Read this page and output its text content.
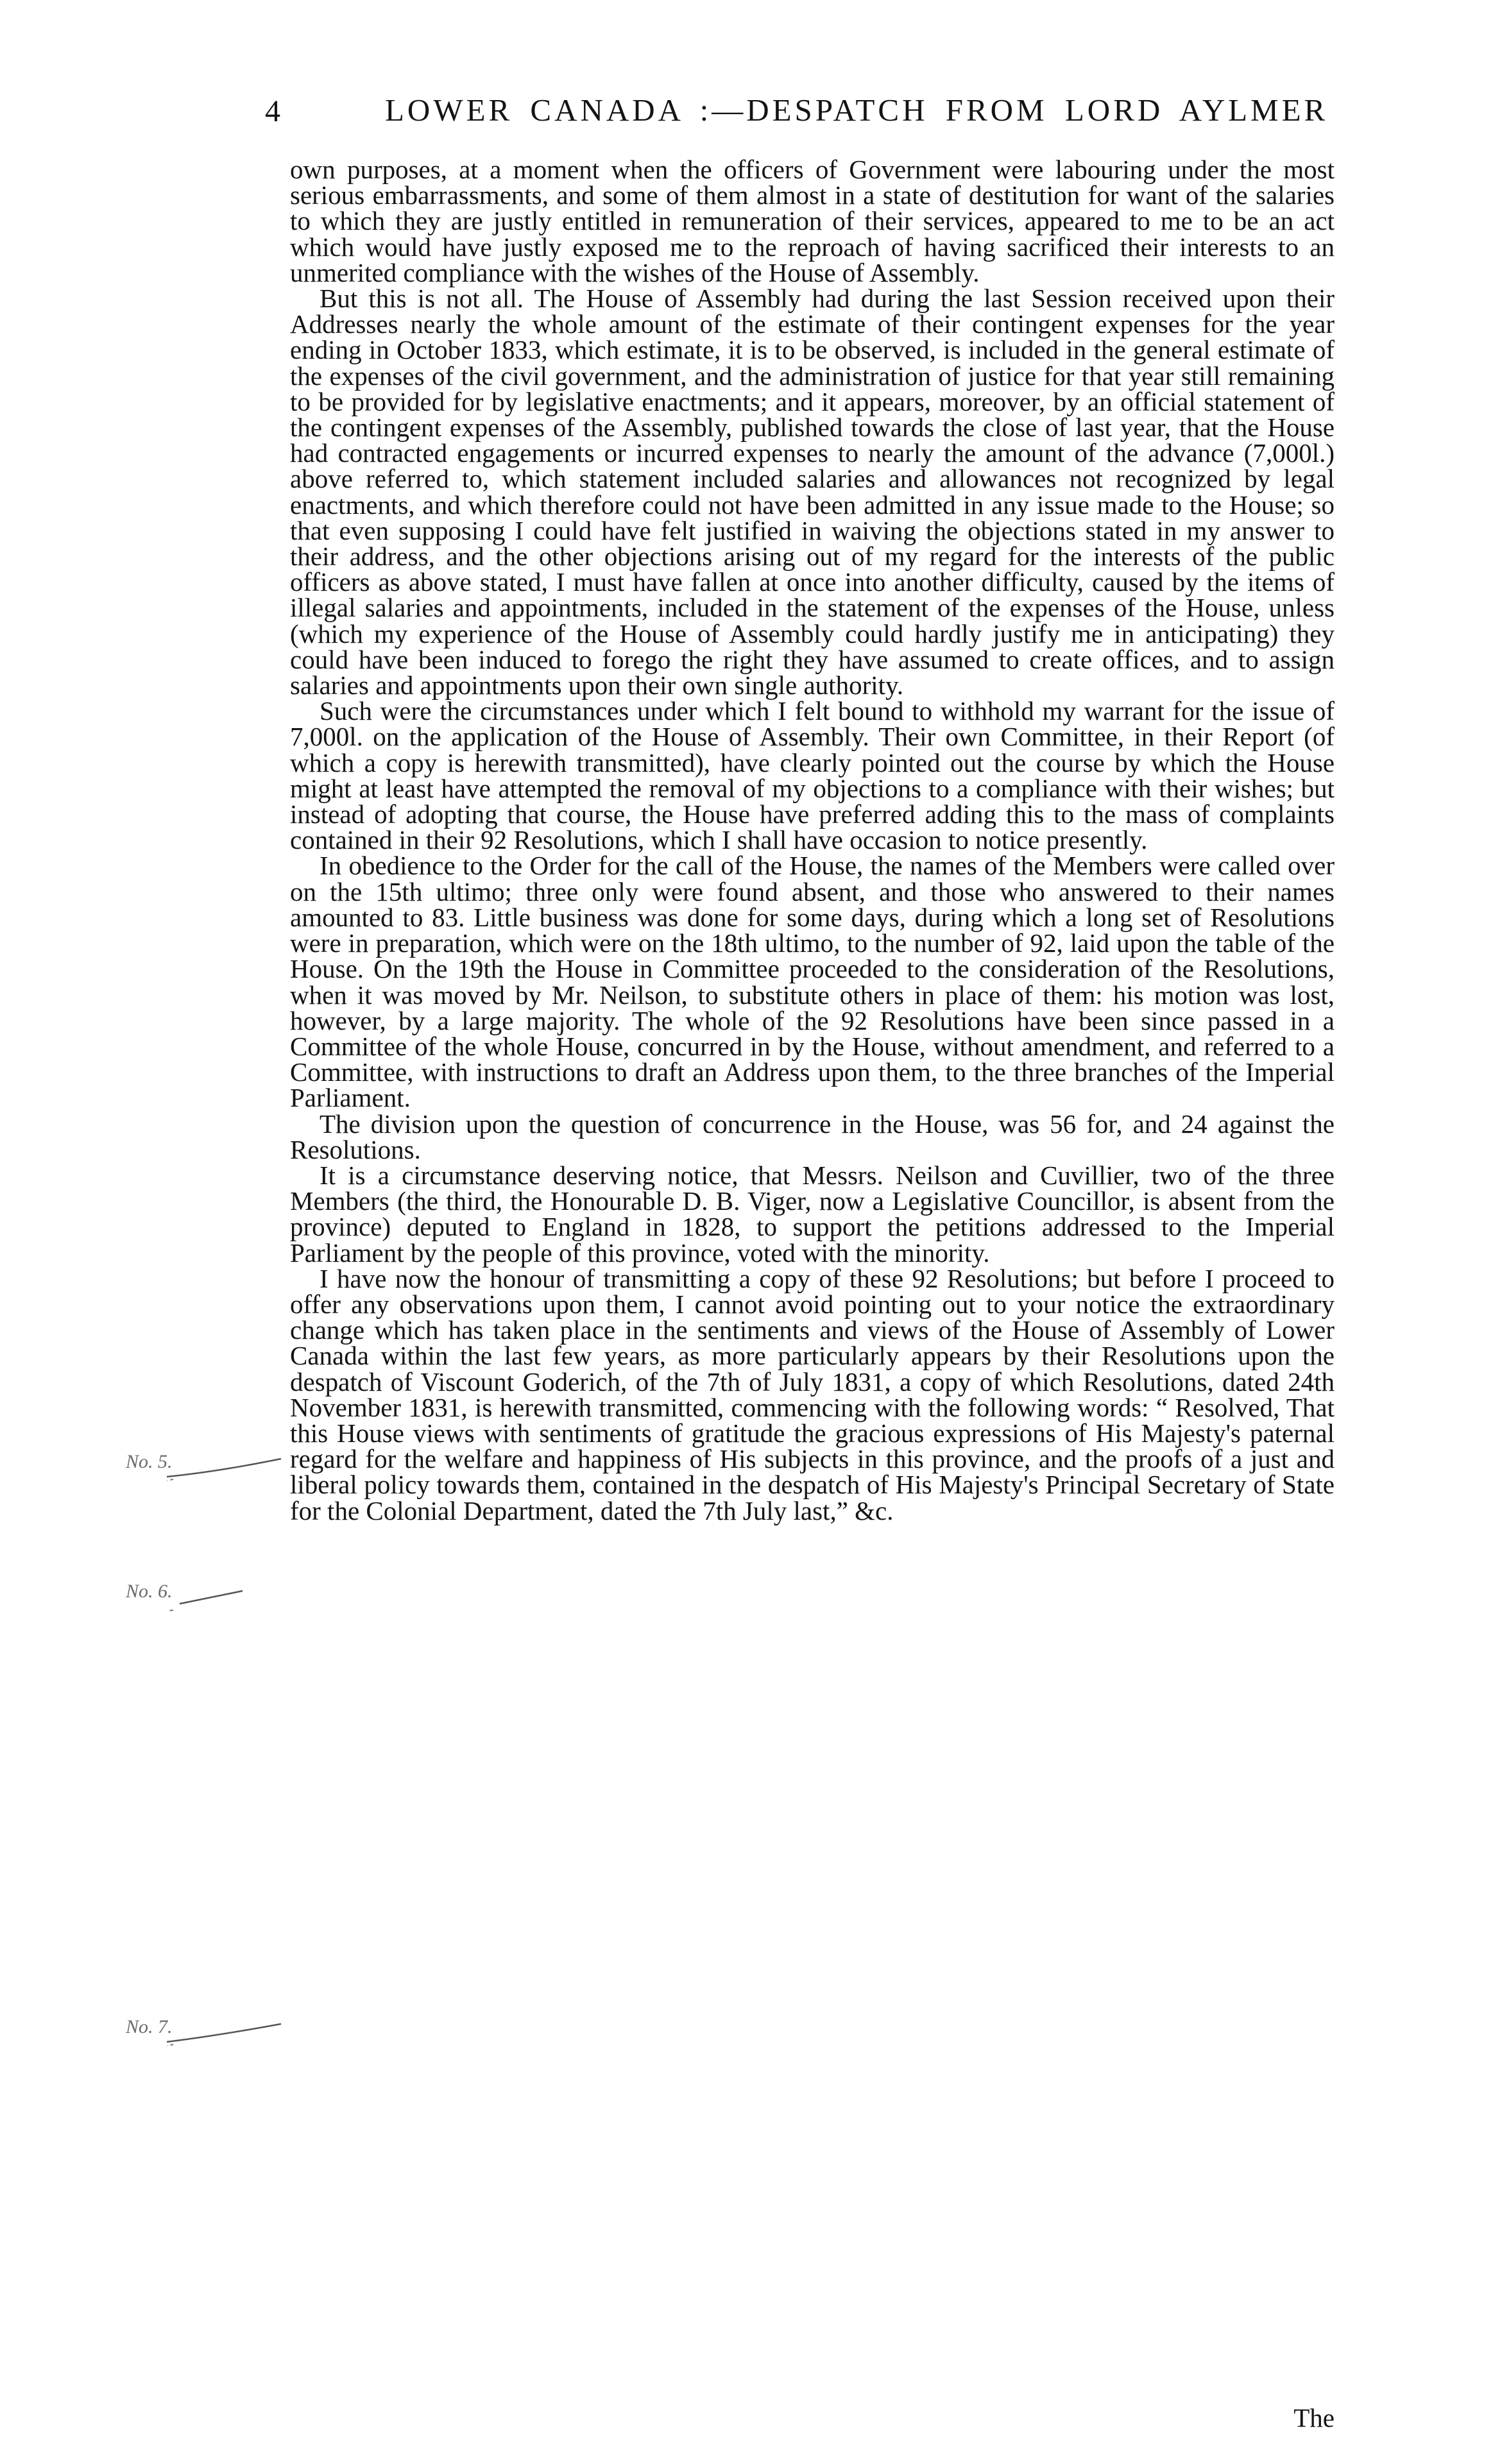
4	LOWER CANADA :—DESPATCH FROM LORD AYLMER

own purposes, at a moment when the officers of Government were labouring under the most serious embarrassments, and some of them almost in a state of destitution for want of the salaries to which they are justly entitled in remuneration of their services, appeared to me to be an act which would have justly exposed me to the reproach of having sacrificed their interests to an unmerited compliance with the wishes of the House of Assembly.

But this is not all. The House of Assembly had during the last Session received upon their Addresses nearly the whole amount of the estimate of their contingent expenses for the year ending in October 1833, which estimate, it is to be observed, is included in the general estimate of the expenses of the civil government, and the administration of justice for that year still remaining to be provided for by legislative enactments; and it appears, moreover, by an official statement of the contingent expenses of the Assembly, published towards the close of last year, that the House had contracted engagements or incurred expenses to nearly the amount of the advance (7,000l.) above referred to, which statement included salaries and allowances not recognized by legal enactments, and which therefore could not have been admitted in any issue made to the House; so that even supposing I could have felt justified in waiving the objections stated in my answer to their address, and the other objections arising out of my regard for the interests of the public officers as above stated, I must have fallen at once into another difficulty, caused by the items of illegal salaries and appointments, included in the statement of the expenses of the House, unless (which my experience of the House of Assembly could hardly justify me in anticipating) they could have been induced to forego the right they have assumed to create offices, and to assign salaries and appointments upon their own single authority.

Such were the circumstances under which I felt bound to withhold my warrant for the issue of 7,000l. on the application of the House of Assembly. Their own Committee, in their Report (of which a copy is herewith transmitted), have clearly pointed out the course by which the House might at least have attempted the removal of my objections to a compliance with their wishes; but instead of adopting that course, the House have preferred adding this to the mass of complaints contained in their 92 Resolutions, which I shall have occasion to notice presently.

In obedience to the Order for the call of the House, the names of the Members were called over on the 15th ultimo; three only were found absent, and those who answered to their names amounted to 83. Little business was done for some days, during which a long set of Resolutions were in preparation, which were on the 18th ultimo, to the number of 92, laid upon the table of the House. On the 19th the House in Committee proceeded to the consideration of the Resolutions, when it was moved by Mr. Neilson, to substitute others in place of them: his motion was lost, however, by a large majority. The whole of the 92 Resolutions have been since passed in a Committee of the whole House, concurred in by the House, without amendment, and referred to a Committee, with instructions to draft an Address upon them, to the three branches of the Imperial Parliament.

The division upon the question of concurrence in the House, was 56 for, and 24 against the Resolutions.

It is a circumstance deserving notice, that Messrs. Neilson and Cuvillier, two of the three Members (the third, the Honourable D. B. Viger, now a Legislative Councillor, is absent from the province) deputed to England in 1828, to support the petitions addressed to the Imperial Parliament by the people of this province, voted with the minority.

I have now the honour of transmitting a copy of these 92 Resolutions; but before I proceed to offer any observations upon them, I cannot avoid pointing out to your notice the extraordinary change which has taken place in the sentiments and views of the House of Assembly of Lower Canada within the last few years, as more particularly appears by their Resolutions upon the despatch of Viscount Goderich, of the 7th of July 1831, a copy of which Resolutions, dated 24th November 1831, is herewith transmitted, commencing with the following words: “ Resolved, That this House views with sentiments of gratitude the gracious expressions of His Majesty's paternal regard for the welfare and happiness of His subjects in this province, and the proofs of a just and liberal policy towards them, contained in the despatch of His Majesty's Principal Secretary of State for the Colonial Department, dated the 7th July last,” &c.

No. 5.
No. 6.
No. 7.
The
